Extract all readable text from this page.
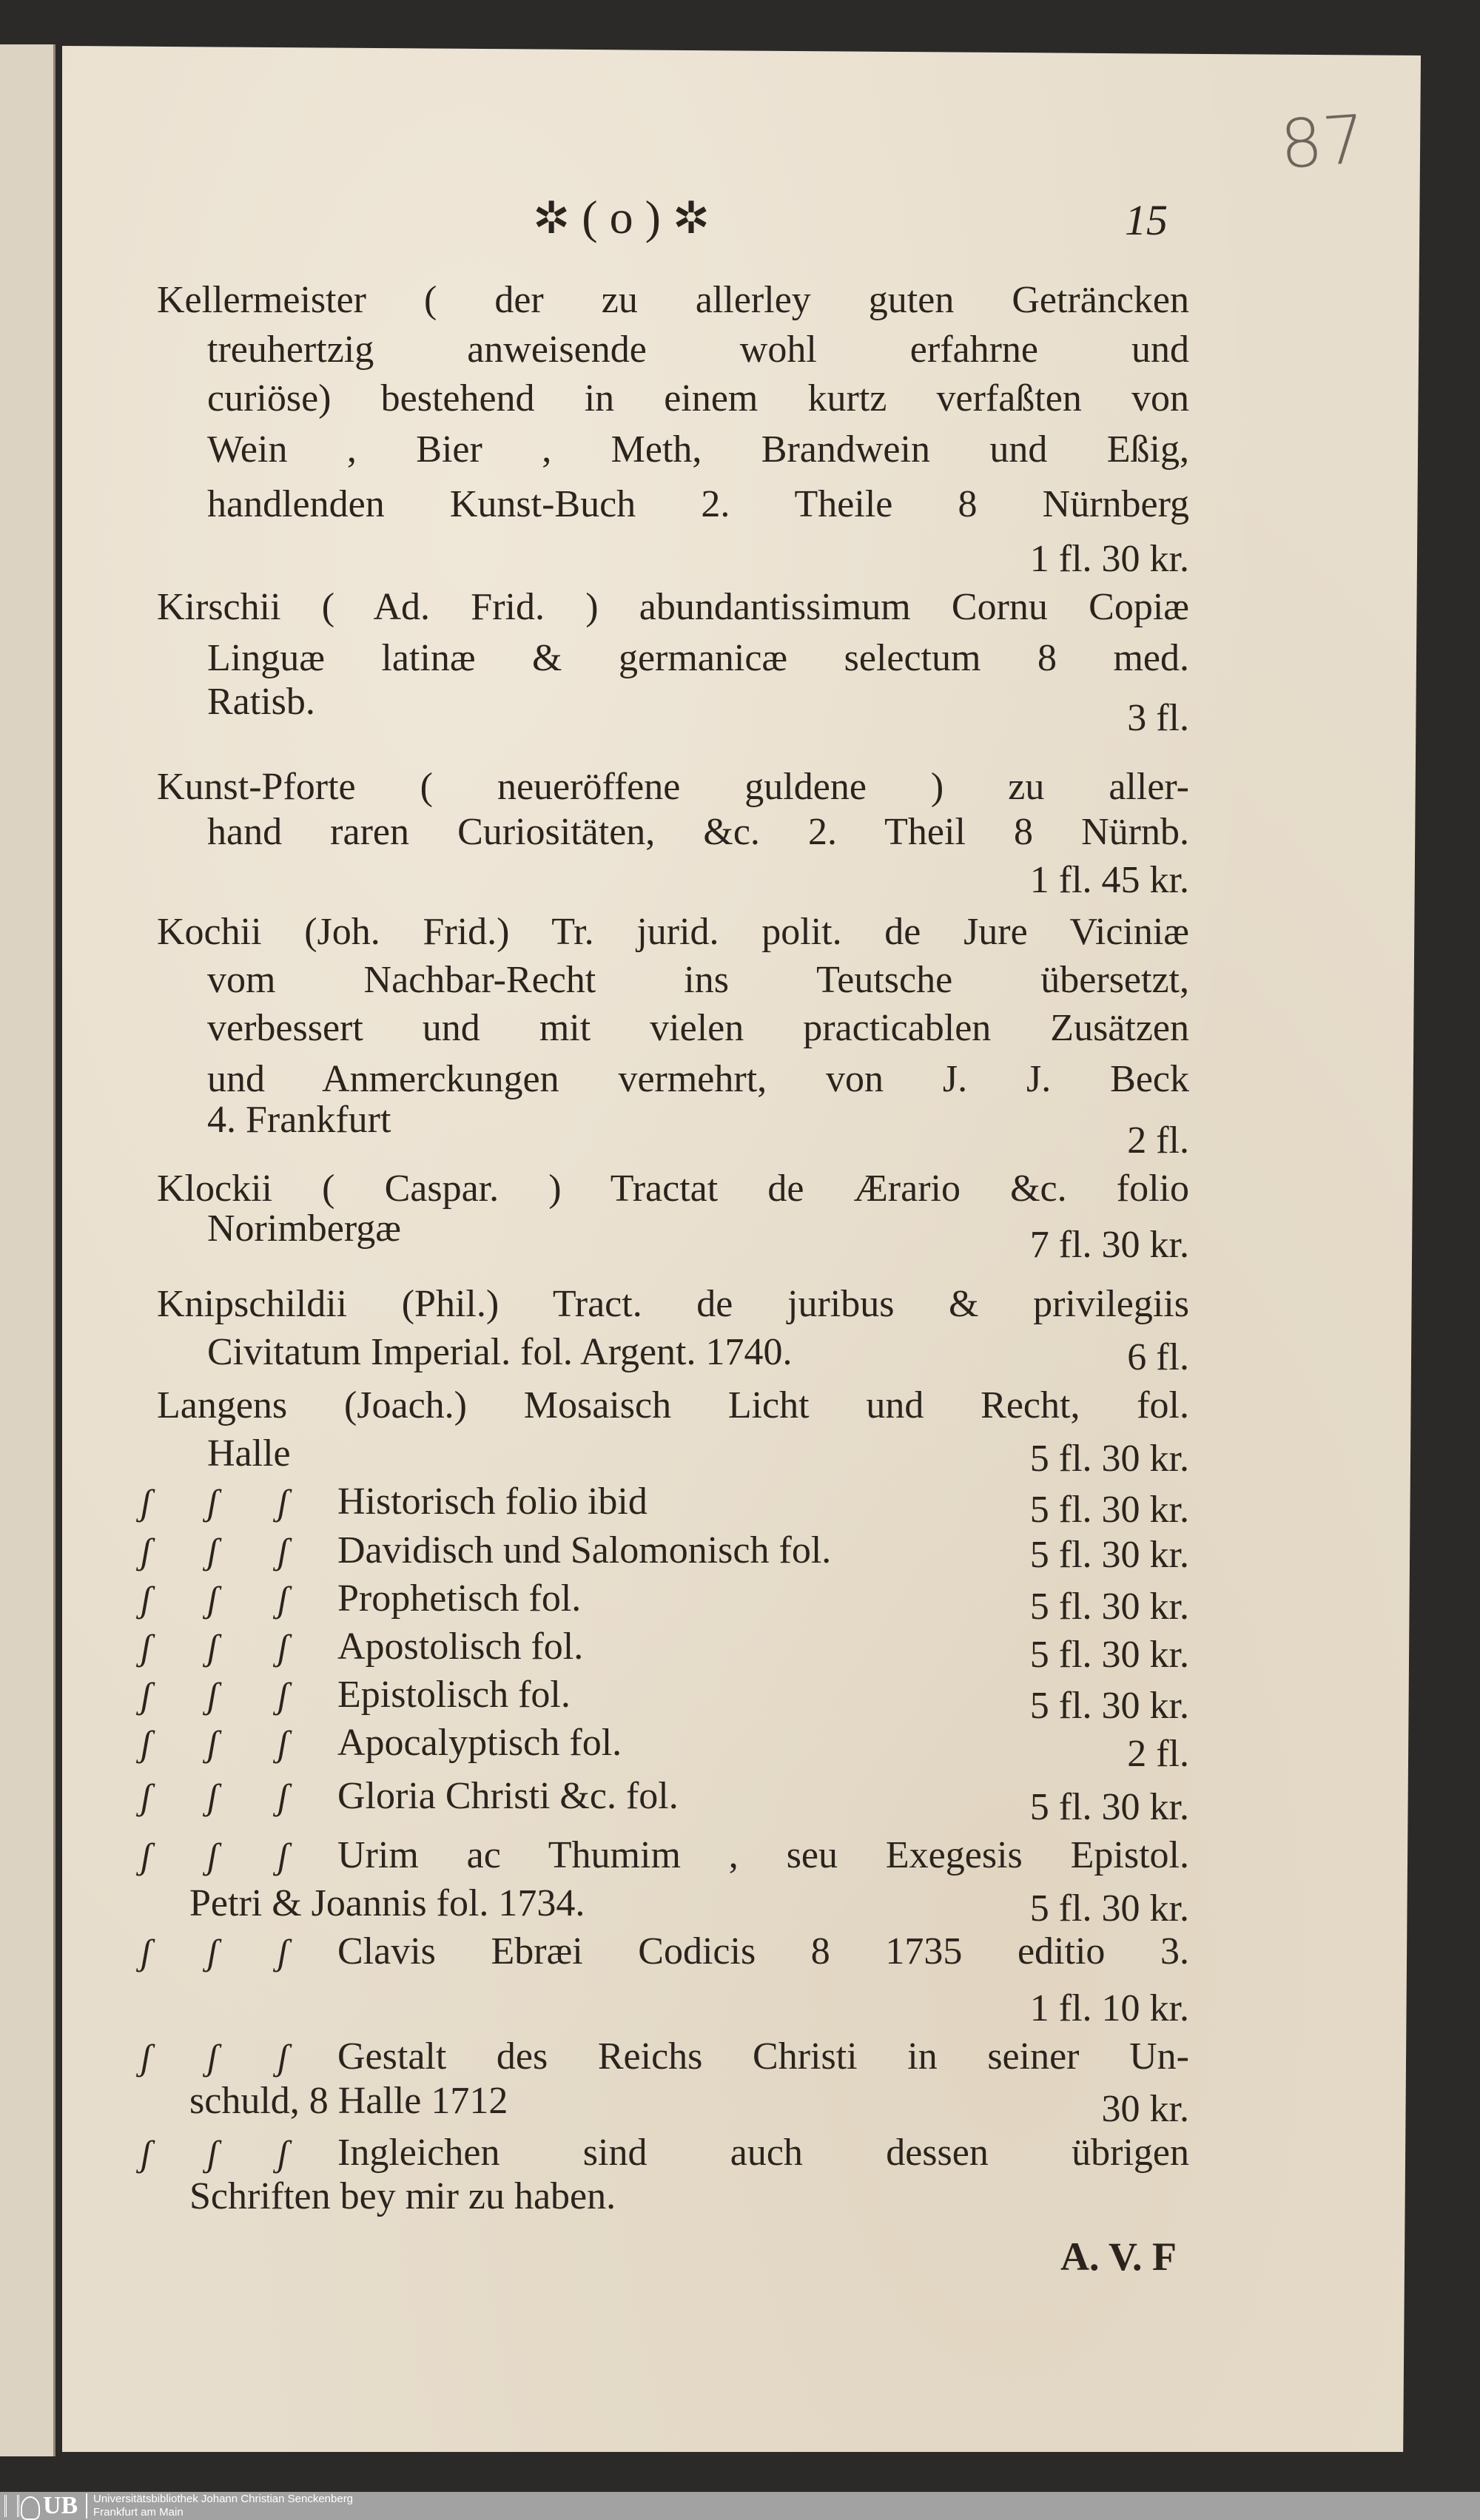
87
✲ ( o ) ✲	15
Kellermeister ( der zu allerley guten Geträncken
treuhertzig anweisende wohl erfahrne und
curiöse) bestehend in einem kurtz verfaßten von
Wein , Bier , Meth, Brandwein und Eßig,
handlenden Kunst-Buch 2. Theile 8 Nürnberg
1 fl. 30 kr.
Kirschii ( Ad. Frid. ) abundantissimum Cornu Copiæ
Linguæ latinæ & germanicæ selectum 8 med.
Ratisb.	3 fl.
Kunst-Pforte ( neueröffene guldene ) zu aller-
hand raren Curiositäten, &c. 2. Theil 8 Nürnb.
1 fl. 45 kr.
Kochii (Joh. Frid.) Tr. jurid. polit. de Jure Viciniæ
vom Nachbar-Recht ins Teutsche übersetzt,
verbessert und mit vielen practicablen Zusätzen
und Anmerckungen vermehrt, von J. J. Beck
4. Frankfurt	2 fl.
Klockii ( Caspar. ) Tractat de Ærario &c. folio
Norimbergæ	7 fl. 30 kr.
Knipschildii (Phil.) Tract. de juribus & privilegiis
Civitatum Imperial. fol. Argent. 1740.	6 fl.
Langens (Joach.) Mosaisch Licht und Recht, fol.
Halle	5 fl. 30 kr.
ʃ ʃ ʃ Historisch folio ibid	5 fl. 30 kr.
ʃ ʃ ʃ Davidisch und Salomonisch fol.	5 fl. 30 kr.
ʃ ʃ ʃ Prophetisch fol.	5 fl. 30 kr.
ʃ ʃ ʃ Apostolisch fol.	5 fl. 30 kr.
ʃ ʃ ʃ Epistolisch fol.	5 fl. 30 kr.
ʃ ʃ ʃ Apocalyptisch fol.	2 fl.
ʃ ʃ ʃ Gloria Christi &c. fol.	5 fl. 30 kr.
ʃ ʃ ʃ Urim ac Thumim , seu Exegesis Epistol.
Petri & Joannis fol. 1734.	5 fl. 30 kr.
ʃ ʃ ʃ Clavis Ebræi Codicis 8 1735 editio 3.
1 fl. 10 kr.
ʃ ʃ ʃ Gestalt des Reichs Christi in seiner Un-
schuld, 8 Halle 1712	30 kr.
ʃ ʃ ʃ Ingleichen sind auch dessen übrigen
Schriften bey mir zu haben.
A. V. F
UB Universitätsbibliothek Johann Christian Senckenberg
Frankfurt am Main
